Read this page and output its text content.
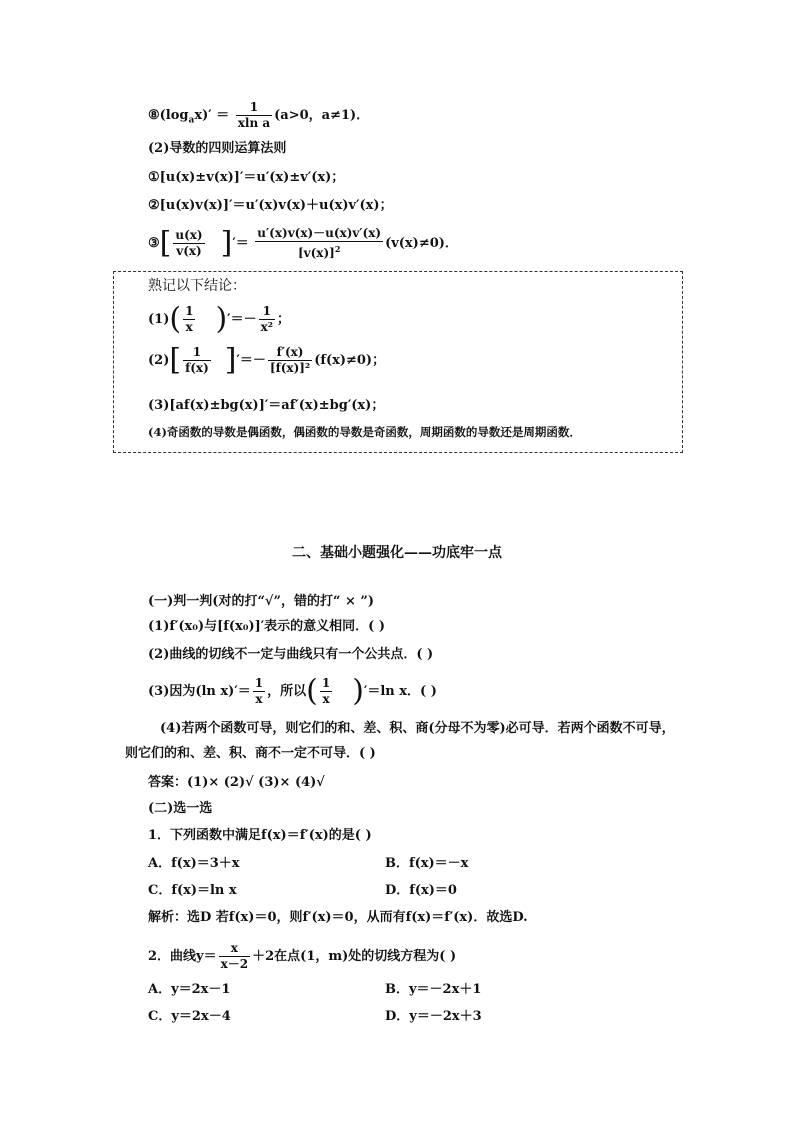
$⑧(\log_ax)' = \frac{1}{\text{xln a}} (a>0$，a≠1)．
(2)导数的四则运算法则
①[u(x)±v(x)]′＝u′(x)±v′(x)；
②[u(x)v(x)]′＝u′(x)v(x)＋u(x)v′(x)；
③[ $\frac{u(x)}{v(x)}$ ]′＝ $\frac{u'(x)v(x)-u(x)v'(x)}{[v(x)]^2} (v(x)\ne 0)$．
熟记以下结论：
$(1)( \frac{1}{x}$ )′＝－ $\frac{1}{\text{x²}}$ ；
$(2)[ \frac{1}{f(x)}$ ]′＝－ $\frac{f'(x)}{\text{[f(x)]²}} (f(x)\ne 0)$；
(3)[af(x)±bg(x)]′＝af′(x)±bg′(x)；
(4)奇函数的导数是偶函数，偶函数的导数是奇函数，周期函数的导数还是周期函数．
二、基础小题强化——功底牢一点
(一)判一判(对的打“√”，错的打“ × ”)
(1)f′(x₀)与[f(x₀)]′表示的意义相同．( )
(2)曲线的切线不一定与曲线只有一个公共点．( )
(3)因为(ln $x)'= \frac{1}{x}$ ，所以( $\frac{1}{x} )'=\ln$ x．( )
(4)若两个函数可导，则它们的和、差、积、商(分母不为零)必可导．若两个函数不可导，
则它们的和、差、积、商不一定不可导．( )
答案：(1)× (2)√ (3)× (4)√
(二)选一选
1．下列函数中满足f(x)＝f′(x)的是( )
A．f(x)＝3＋x	B．f(x)＝－x
C．f(x)＝ln x	D．f(x)＝0
解析：选D 若f(x)＝0，则f′(x)＝0，从而有f(x)＝f′(x)．故选D.
2．曲线$y= \frac{x}{x-2} +2$在点(1，m)处的切线方程为( )
A．y＝2x－1	B．y＝－2x＋1
C．y＝2x－4	D．y＝－2x＋3
